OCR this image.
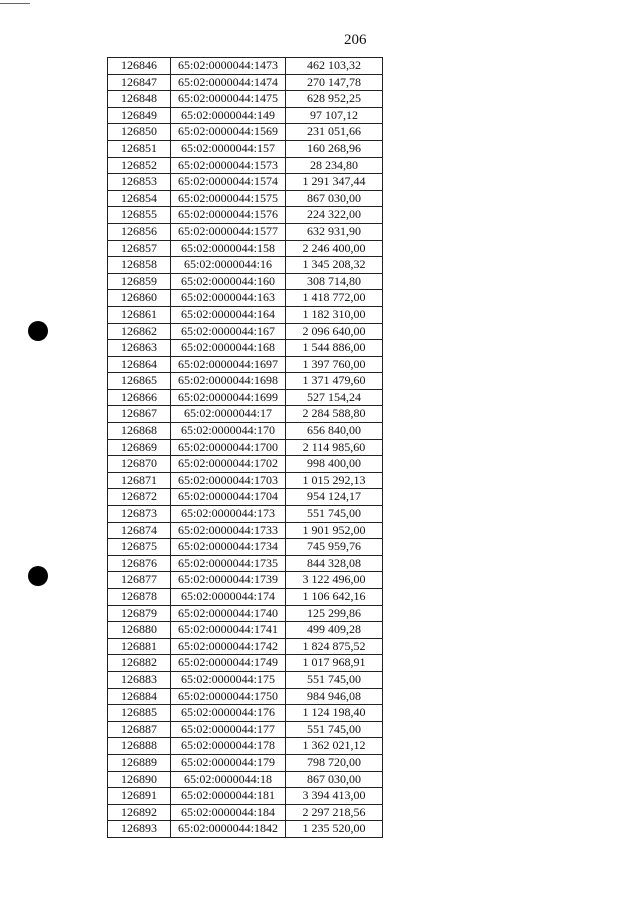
206
126846	65:02:0000044:1473	462 103,32
126847	65:02:0000044:1474	270 147,78
126848	65:02:0000044:1475	628 952,25
126849	65:02:0000044:149	97 107,12
126850	65:02:0000044:1569	231 051,66
126851	65:02:0000044:157	160 268,96
126852	65:02:0000044:1573	28 234,80
126853	65:02:0000044:1574	1 291 347,44
126854	65:02:0000044:1575	867 030,00
126855	65:02:0000044:1576	224 322,00
126856	65:02:0000044:1577	632 931,90
126857	65:02:0000044:158	2 246 400,00
126858	65:02:0000044:16	1 345 208,32
126859	65:02:0000044:160	308 714,80
126860	65:02:0000044:163	1 418 772,00
126861	65:02:0000044:164	1 182 310,00
126862	65:02:0000044:167	2 096 640,00
126863	65:02:0000044:168	1 544 886,00
126864	65:02:0000044:1697	1 397 760,00
126865	65:02:0000044:1698	1 371 479,60
126866	65:02:0000044:1699	527 154,24
126867	65:02:0000044:17	2 284 588,80
126868	65:02:0000044:170	656 840,00
126869	65:02:0000044:1700	2 114 985,60
126870	65:02:0000044:1702	998 400,00
126871	65:02:0000044:1703	1 015 292,13
126872	65:02:0000044:1704	954 124,17
126873	65:02:0000044:173	551 745,00
126874	65:02:0000044:1733	1 901 952,00
126875	65:02:0000044:1734	745 959,76
126876	65:02:0000044:1735	844 328,08
126877	65:02:0000044:1739	3 122 496,00
126878	65:02:0000044:174	1 106 642,16
126879	65:02:0000044:1740	125 299,86
126880	65:02:0000044:1741	499 409,28
126881	65:02:0000044:1742	1 824 875,52
126882	65:02:0000044:1749	1 017 968,91
126883	65:02:0000044:175	551 745,00
126884	65:02:0000044:1750	984 946,08
126885	65:02:0000044:176	1 124 198,40
126887	65:02:0000044:177	551 745,00
126888	65:02:0000044:178	1 362 021,12
126889	65:02:0000044:179	798 720,00
126890	65:02:0000044:18	867 030,00
126891	65:02:0000044:181	3 394 413,00
126892	65:02:0000044:184	2 297 218,56
126893	65:02:0000044:1842	1 235 520,00
